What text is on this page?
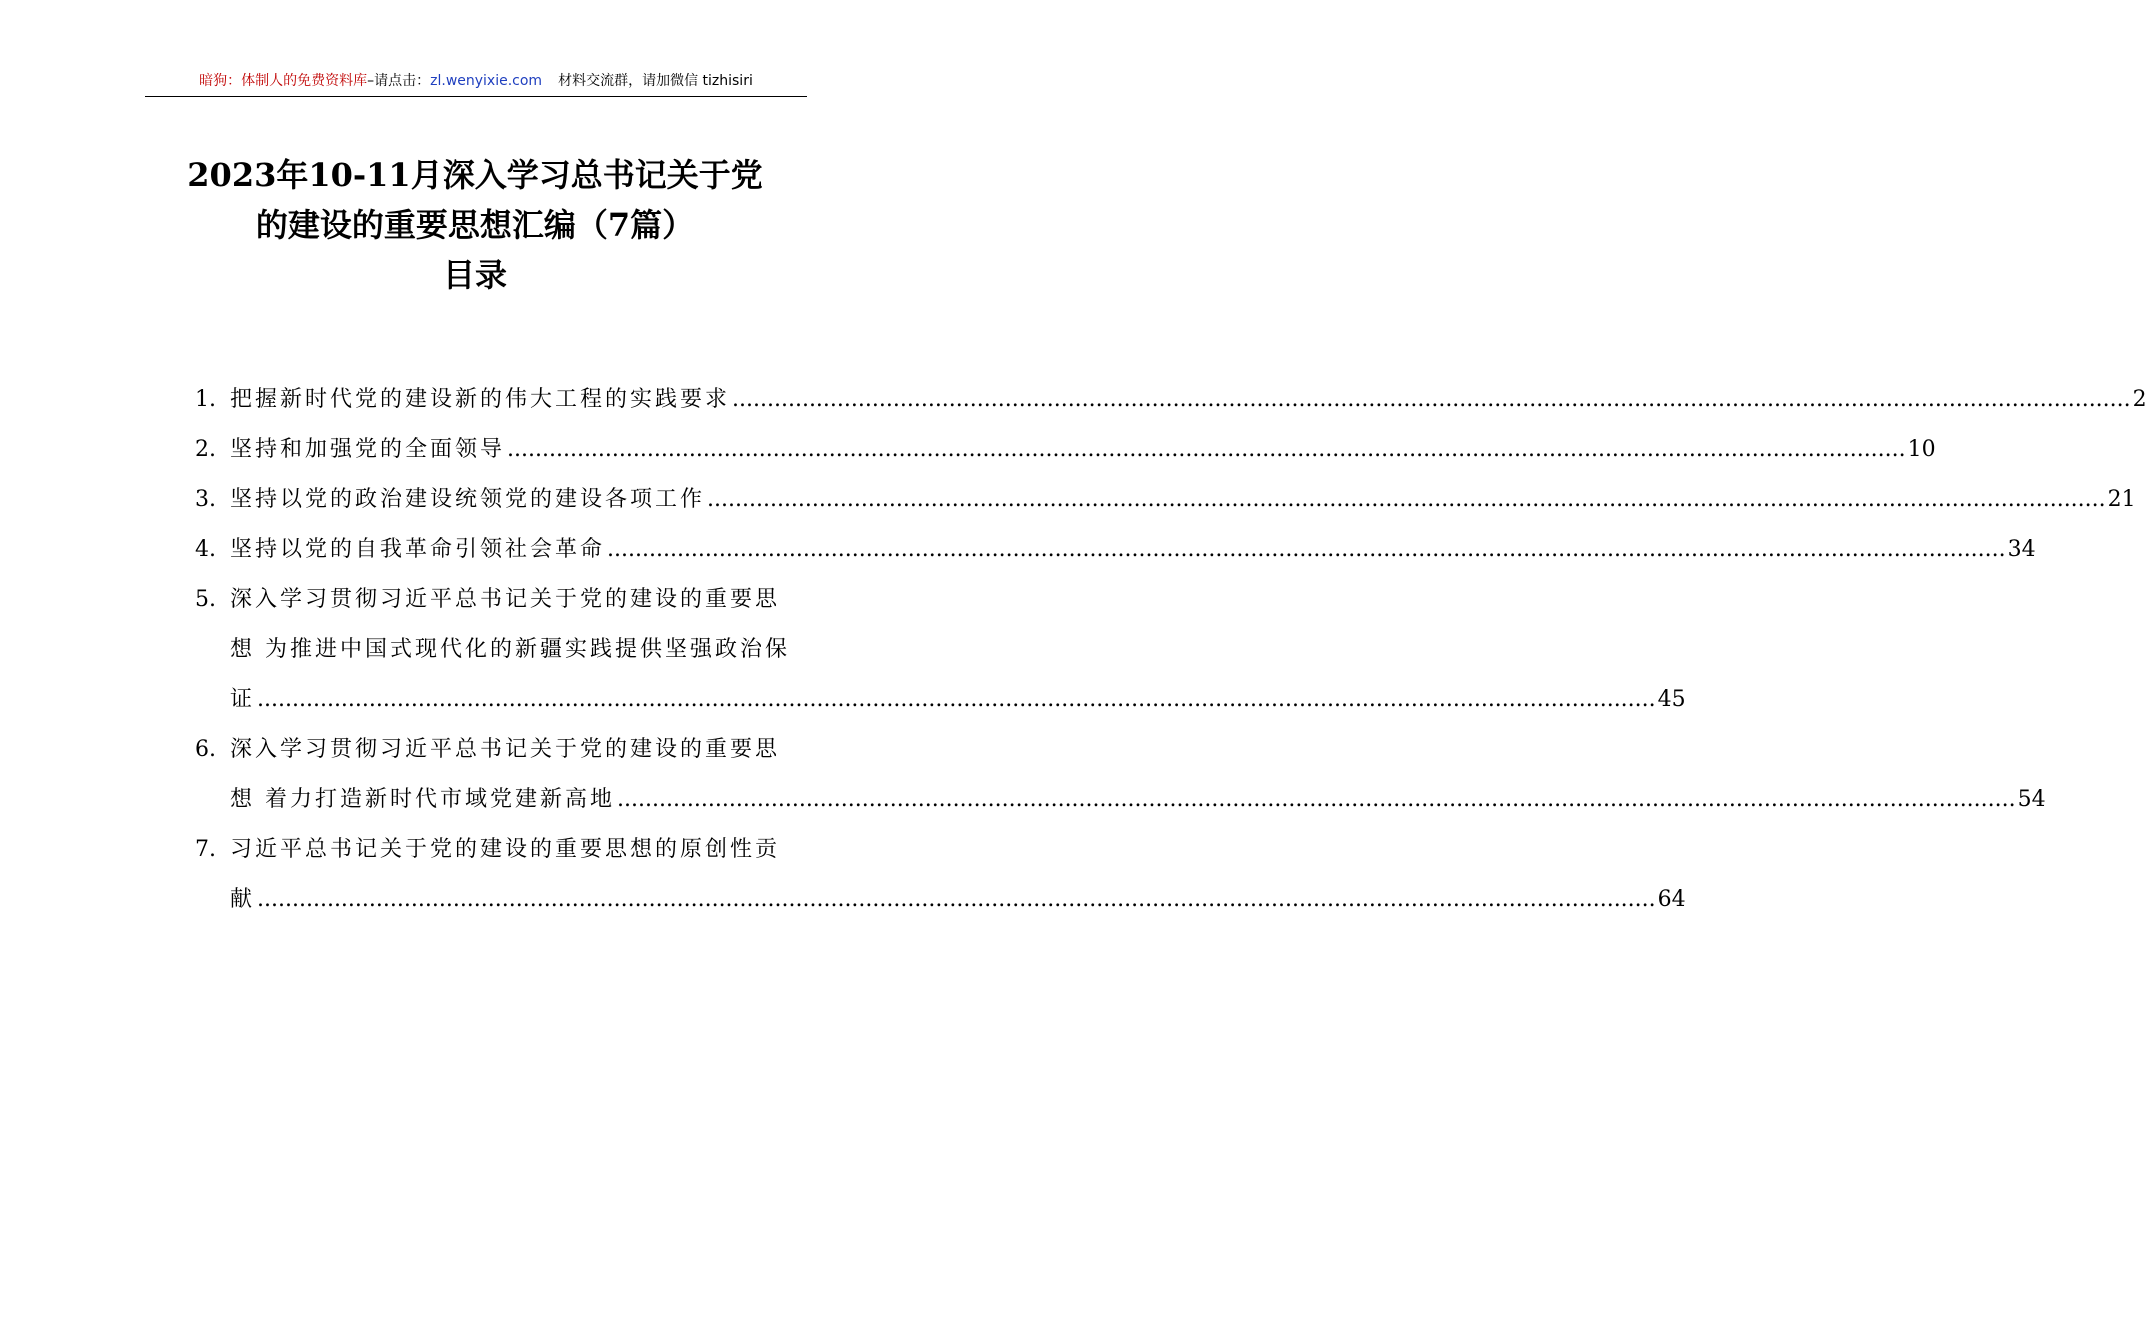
暗狗：体制人的免费资料库–请点击：zl.wenyixie.com 材料交流群，请加微信 tizhisiri
2023年10-11月深入学习总书记关于党
的建设的重要思想汇编（7篇）
目录
1. 把握新时代党的建设新的伟大工程的实践要求 ........................................................................................................................................................................................................ 2
2. 坚持和加强党的全面领导 ........................................................................................................................................................................................................ 10
3. 坚持以党的政治建设统领党的建设各项工作 ........................................................................................................................................................................................................ 21
4. 坚持以党的自我革命引领社会革命 ........................................................................................................................................................................................................ 34
5. 深入学习贯彻习近平总书记关于党的建设的重要思
想 为推进中国式现代化的新疆实践提供坚强政治保
证 ........................................................................................................................................................................................................ 45
6. 深入学习贯彻习近平总书记关于党的建设的重要思
想 着力打造新时代市域党建新高地 ........................................................................................................................................................................................................ 54
7. 习近平总书记关于党的建设的重要思想的原创性贡
献 ........................................................................................................................................................................................................ 64
